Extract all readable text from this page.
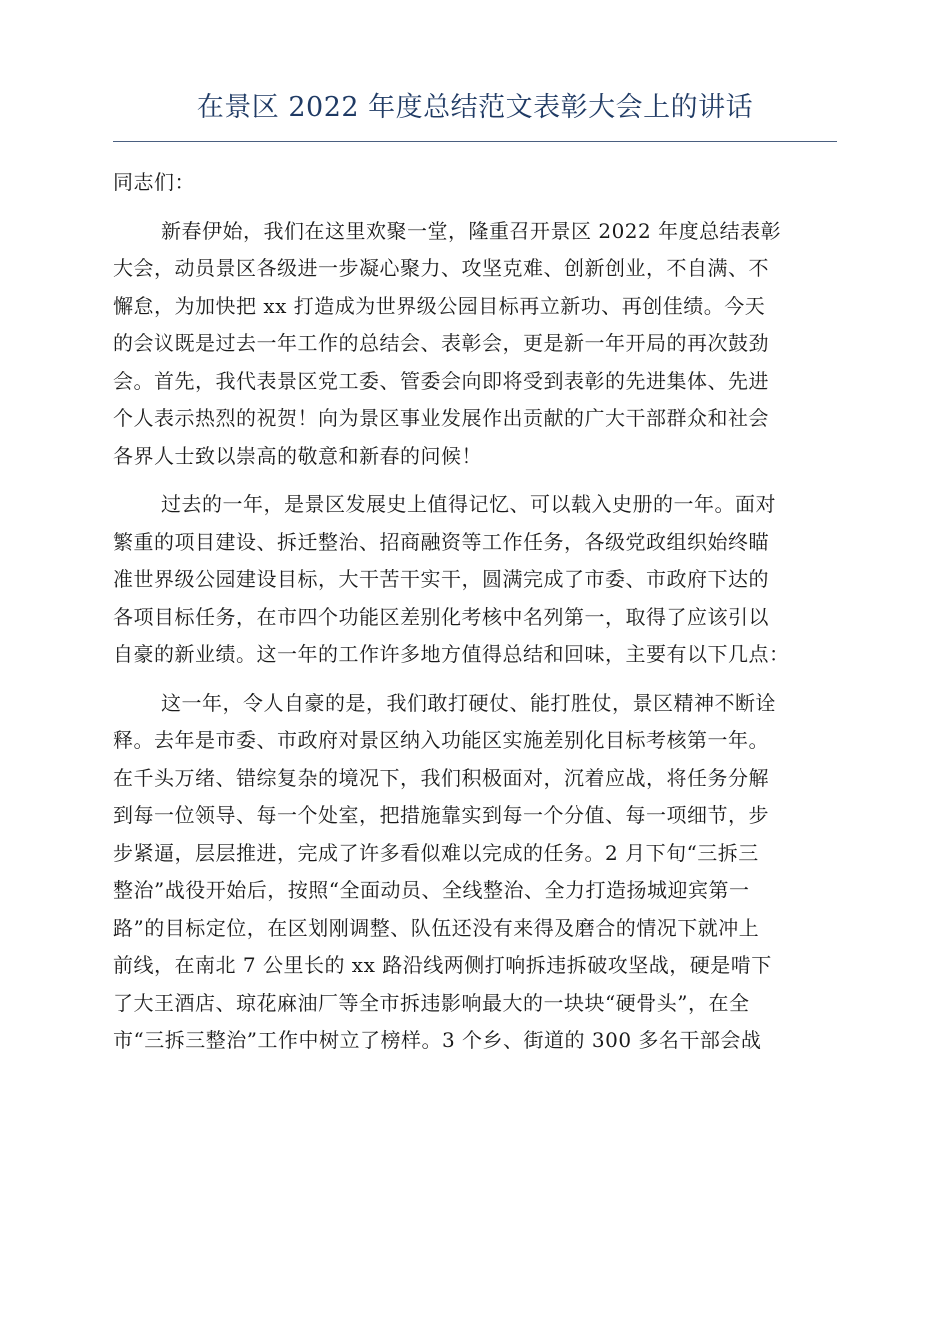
在景区 2022 年度总结范文表彰大会上的讲话
同志们：
新春伊始，我们在这里欢聚一堂，隆重召开景区 2022 年度总结表彰
大会，动员景区各级进一步凝心聚力、攻坚克难、创新创业，不自满、不
懈怠，为加快把 xx 打造成为世界级公园目标再立新功、再创佳绩。今天
的会议既是过去一年工作的总结会、表彰会，更是新一年开局的再次鼓劲
会。首先，我代表景区党工委、管委会向即将受到表彰的先进集体、先进
个人表示热烈的祝贺！向为景区事业发展作出贡献的广大干部群众和社会
各界人士致以崇高的敬意和新春的问候！
过去的一年，是景区发展史上值得记忆、可以载入史册的一年。面对
繁重的项目建设、拆迁整治、招商融资等工作任务，各级党政组织始终瞄
准世界级公园建设目标，大干苦干实干，圆满完成了市委、市政府下达的
各项目标任务，在市四个功能区差别化考核中名列第一，取得了应该引以
自豪的新业绩。这一年的工作许多地方值得总结和回味，主要有以下几点：
这一年，令人自豪的是，我们敢打硬仗、能打胜仗，景区精神不断诠
释。去年是市委、市政府对景区纳入功能区实施差别化目标考核第一年。
在千头万绪、错综复杂的境况下，我们积极面对，沉着应战，将任务分解
到每一位领导、每一个处室，把措施靠实到每一个分值、每一项细节，步
步紧逼，层层推进，完成了许多看似难以完成的任务。2 月下旬“三拆三
整治”战役开始后，按照“全面动员、全线整治、全力打造扬城迎宾第一
路”的目标定位，在区划刚调整、队伍还没有来得及磨合的情况下就冲上
前线，在南北 7 公里长的 xx 路沿线两侧打响拆违拆破攻坚战，硬是啃下
了大王酒店、琼花麻油厂等全市拆违影响最大的一块块“硬骨头”，在全
市“三拆三整治”工作中树立了榜样。3 个乡、街道的 300 多名干部会战
